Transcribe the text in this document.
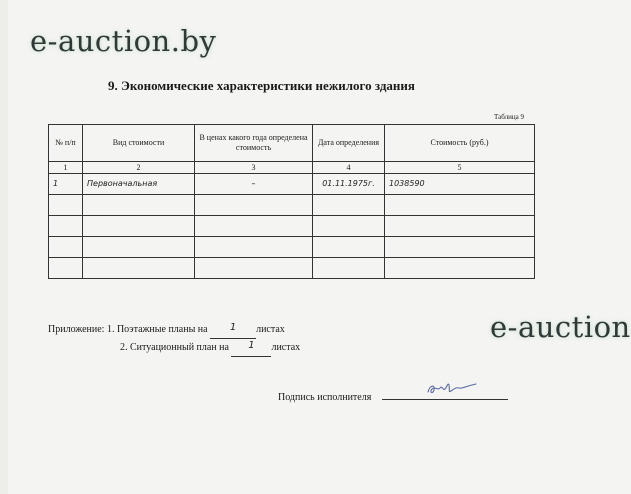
e-auction.by
9. Экономические характеристики нежилого здания
Таблица 9
№ п/п	Вид стоимости	В ценах какого года определена стоимость	Дата определения	Стоимость (руб.)
1	2	3	4	5
1	Первоначальная	–	01.11.1975г.	1038590

Приложение: 1. Поэтажные планы на 1 листах
2. Ситуационный план на 1 листах
e-auction
Подпись исполнителя
